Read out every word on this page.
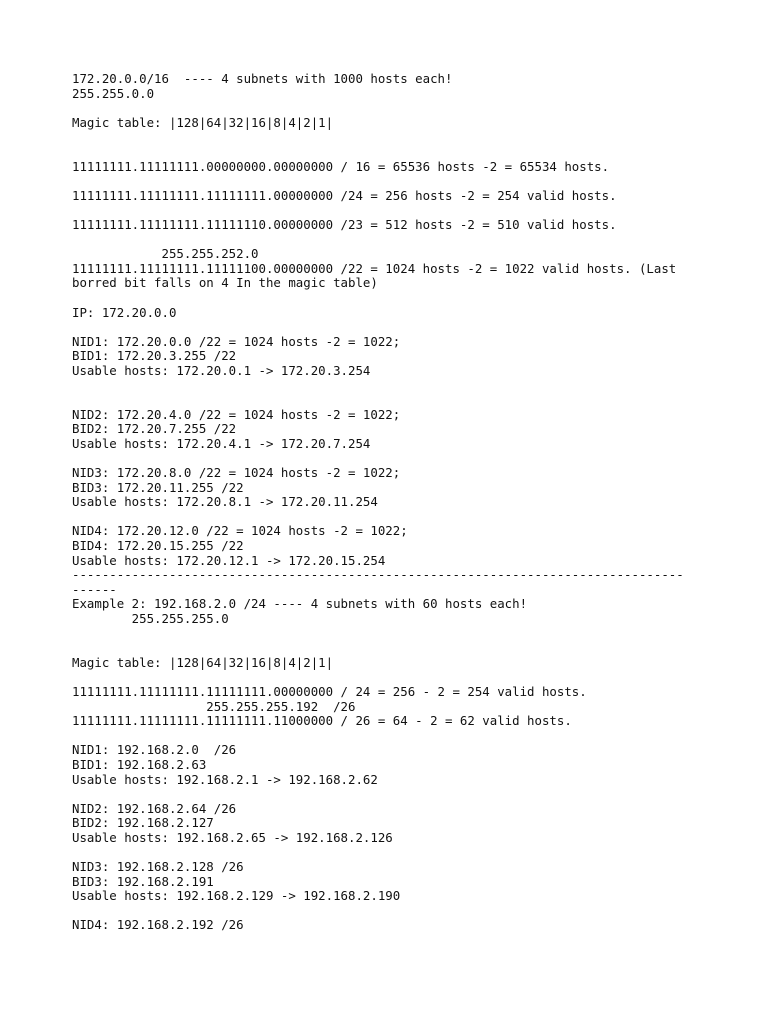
172.20.0.0/16  ---- 4 subnets with 1000 hosts each!
255.255.0.0
Magic table: |128|64|32|16|8|4|2|1|
11111111.11111111.00000000.00000000 / 16 = 65536 hosts -2 = 65534 hosts.
11111111.11111111.11111111.00000000 /24 = 256 hosts -2 = 254 valid hosts.
11111111.11111111.11111110.00000000 /23 = 512 hosts -2 = 510 valid hosts.
255.255.252.0
11111111.11111111.11111100.00000000 /22 = 1024 hosts -2 = 1022 valid hosts. (Last
borred bit falls on 4 In the magic table)
IP: 172.20.0.0
NID1: 172.20.0.0 /22 = 1024 hosts -2 = 1022;
BID1: 172.20.3.255 /22
Usable hosts: 172.20.0.1 -> 172.20.3.254
NID2: 172.20.4.0 /22 = 1024 hosts -2 = 1022;
BID2: 172.20.7.255 /22
Usable hosts: 172.20.4.1 -> 172.20.7.254
NID3: 172.20.8.0 /22 = 1024 hosts -2 = 1022;
BID3: 172.20.11.255 /22
Usable hosts: 172.20.8.1 -> 172.20.11.254
NID4: 172.20.12.0 /22 = 1024 hosts -2 = 1022;
BID4: 172.20.15.255 /22
Usable hosts: 172.20.12.1 -> 172.20.15.254
----------------------------------------------------------------------------------
------
Example 2: 192.168.2.0 /24 ---- 4 subnets with 60 hosts each!
255.255.255.0
Magic table: |128|64|32|16|8|4|2|1|
11111111.11111111.11111111.00000000 / 24 = 256 - 2 = 254 valid hosts.
255.255.255.192  /26
11111111.11111111.11111111.11000000 / 26 = 64 - 2 = 62 valid hosts.
NID1: 192.168.2.0  /26
BID1: 192.168.2.63
Usable hosts: 192.168.2.1 -> 192.168.2.62
NID2: 192.168.2.64 /26
BID2: 192.168.2.127
Usable hosts: 192.168.2.65 -> 192.168.2.126
NID3: 192.168.2.128 /26
BID3: 192.168.2.191
Usable hosts: 192.168.2.129 -> 192.168.2.190
NID4: 192.168.2.192 /26
